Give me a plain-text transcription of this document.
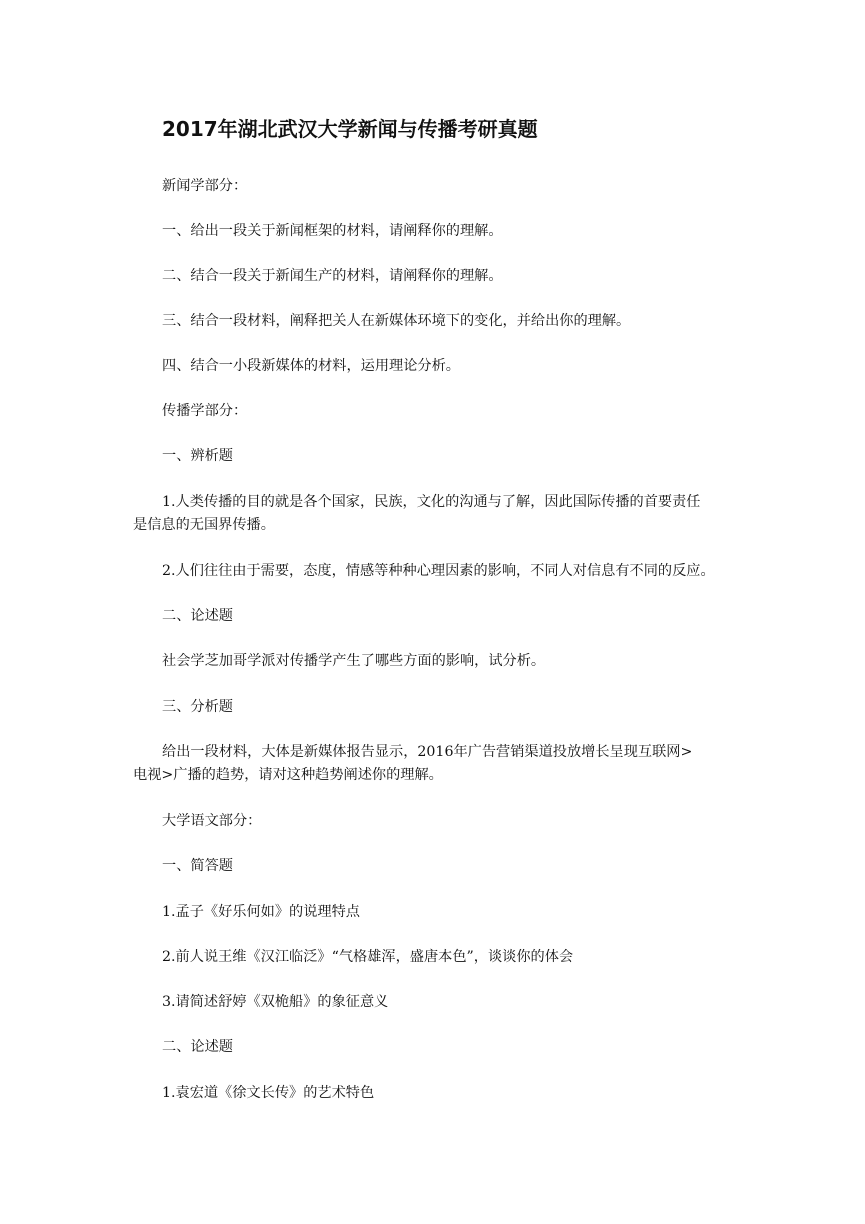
2017年湖北武汉大学新闻与传播考研真题
新闻学部分：
一、给出一段关于新闻框架的材料，请阐释你的理解。
二、结合一段关于新闻生产的材料，请阐释你的理解。
三、结合一段材料，阐释把关人在新媒体环境下的变化，并给出你的理解。
四、结合一小段新媒体的材料，运用理论分析。
传播学部分：
一、辨析题
1.人类传播的目的就是各个国家，民族，文化的沟通与了解，因此国际传播的首要责任
是信息的无国界传播。
2.人们往往由于需要，态度，情感等种种心理因素的影响，不同人对信息有不同的反应。
二、论述题
社会学芝加哥学派对传播学产生了哪些方面的影响，试分析。
三、分析题
给出一段材料，大体是新媒体报告显示，2016年广告营销渠道投放增长呈现互联网>
电视>广播的趋势，请对这种趋势阐述你的理解。
大学语文部分：
一、简答题
1.孟子《好乐何如》的说理特点
2.前人说王维《汉江临泛》“气格雄浑，盛唐本色”，谈谈你的体会
3.请简述舒婷《双桅船》的象征意义
二、论述题
1.袁宏道《徐文长传》的艺术特色
